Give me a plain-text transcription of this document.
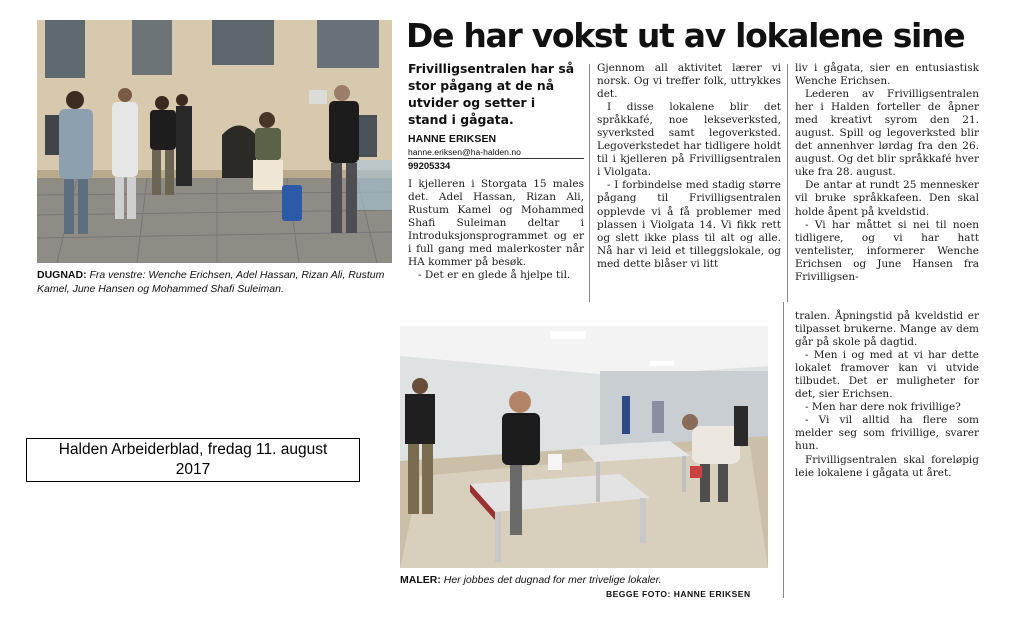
DUGNAD: Fra venstre: Wenche Erichsen, Adel Hassan, Rizan Ali, Rustum Kamel, June Hansen og Mohammed Shafi Suleiman.
De har vokst ut av lokalene sine
Frivilligsentralen har så stor pågang at de nå utvider og setter i stand i gågata.
HANNE ERIKSEN
hanne.eriksen@ha-halden.no
99205334

I kjelleren i Storgata 15 males det. Adel Hassan, Rizan Ali, Rustum Kamel og Mohammed Shafi Suleiman deltar i Introduksjonsprogrammet og er i full gang med malerkoster når HA kommer på besøk.

- Det er en glede å hjelpe til.

Gjennom all aktivitet lærer vi norsk. Og vi treffer folk, uttrykkes det.

I disse lokalene blir det språkkafé, noe lekseverksted, syverksted samt legoverksted. Legoverkstedet har tidligere holdt til i kjelleren på Frivilligsentralen i Violgata.

- I forbindelse med stadig større pågang til Frivilligsentralen opplevde vi å få problemer med plassen i Violgata 14. Vi fikk rett og slett ikke plass til alt og alle. Nå har vi leid et tilleggslokale, og med dette blåser vi litt

liv i gågata, sier en entusiastisk Wenche Erichsen.

Lederen av Frivilligsentralen her i Halden forteller de åpner med kreativt syrom den 21. august. Spill og legoverksted blir det annenhver lørdag fra den 26. august. Og det blir språkkafé hver uke fra 28. august.

De antar at rundt 25 mennesker vil bruke språkkafeen. Den skal holde åpent på kveldstid.

- Vi har måttet si nei til noen tidligere, og vi har hatt ventelister, informerer Wenche Erichsen og June Hansen fra Frivilligsen-

tralen. Åpningstid på kveldstid er tilpasset brukerne. Mange av dem går på skole på dagtid.

- Men i og med at vi har dette lokalet framover kan vi utvide tilbudet. Det er muligheter for det, sier Erichsen.

- Men har dere nok frivillige?

- Vi vil alltid ha flere som melder seg som frivillige, svarer hun.

Frivilligsentralen skal foreløpig leie lokalene i gågata ut året.

MALER: Her jobbes det dugnad for mer trivelige lokaler.
BEGGE FOTO: HANNE ERIKSEN
Halden Arbeiderblad, fredag 11. august
2017
